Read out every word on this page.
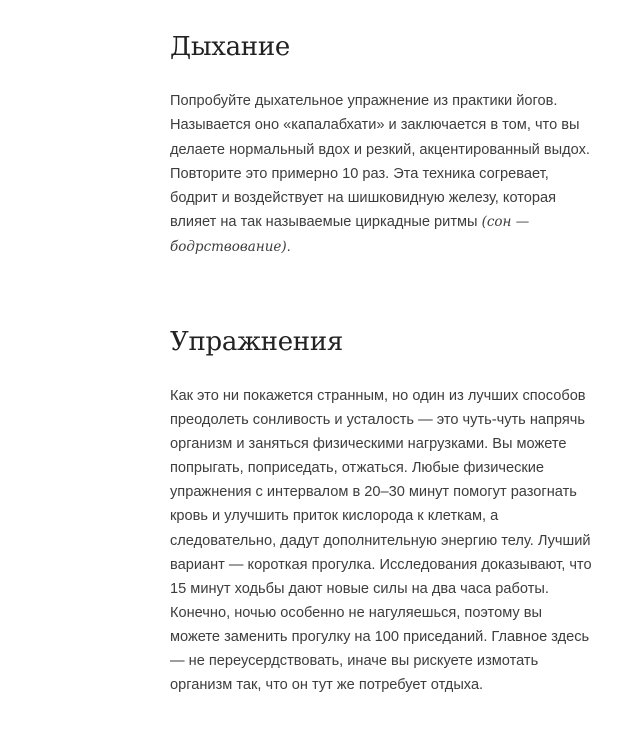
Дыхание
Попробуйте дыхательное упражнение из практики йогов.
Называется оно «капалабхати» и заключается в том, что вы
делаете нормальный вдох и резкий, акцентированный выдох.
Повторите это примерно 10 раз. Эта техника согревает,
бодрит и воздействует на шишковидную железу, которая
влияет на так называемые циркадные ритмы (сон —
бодрствование).
Упражнения
Как это ни покажется странным, но один из лучших способов
преодолеть сонливость и усталость — это чуть-чуть напрячь
организм и заняться физическими нагрузками. Вы можете
попрыгать, поприседать, отжаться. Любые физические
упражнения с интервалом в 20–30 минут помогут разогнать
кровь и улучшить приток кислорода к клеткам, а
следовательно, дадут дополнительную энергию телу. Лучший
вариант — короткая прогулка. Исследования доказывают, что
15 минут ходьбы дают новые силы на два часа работы.
Конечно, ночью особенно не нагуляешься, поэтому вы
можете заменить прогулку на 100 приседаний. Главное здесь
— не переусердствовать, иначе вы рискуете измотать
организм так, что он тут же потребует отдыха.
